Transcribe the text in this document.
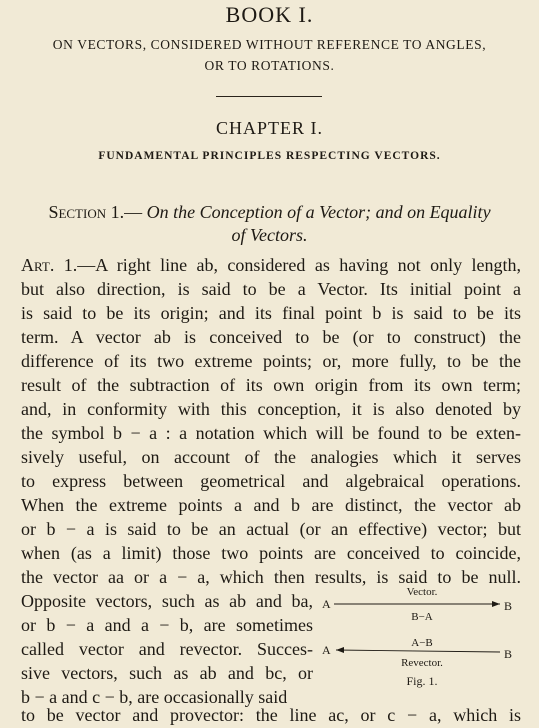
BOOK I.
ON VECTORS, CONSIDERED WITHOUT REFERENCE TO ANGLES,
OR TO ROTATIONS.
CHAPTER I.
FUNDAMENTAL PRINCIPLES RESPECTING VECTORS.
Section 1.— On the Conception of a Vector; and on Equality
of Vectors.
Art. 1.—A right line ab, considered as having not only length,
but also direction, is said to be a Vector. Its initial point a
is said to be its origin; and its final point b is said to be its
term. A vector ab is conceived to be (or to construct) the
difference of its two extreme points; or, more fully, to be the
result of the subtraction of its own origin from its own term;
and, in conformity with this conception, it is also denoted by
the symbol b − a : a notation which will be found to be exten-
sively useful, on account of the analogies which it serves
to express between geometrical and algebraical operations.
When the extreme points a and b are distinct, the vector ab
or b − a is said to be an actual (or an effective) vector; but
when (as a limit) those two points are conceived to coincide,
the vector aa or a − a, which then results, is said to be null.
Opposite vectors, such as ab and ba,
or b − a and a − b, are sometimes
called vector and revector. Succes-
sive vectors, such as ab and bc, or
b − a and c − b, are occasionally said
to be vector and provector: the line ac, or c − a, which is
Vector.
A	B
B−A
A−B
A	B
Revector.
Fig. 1.
